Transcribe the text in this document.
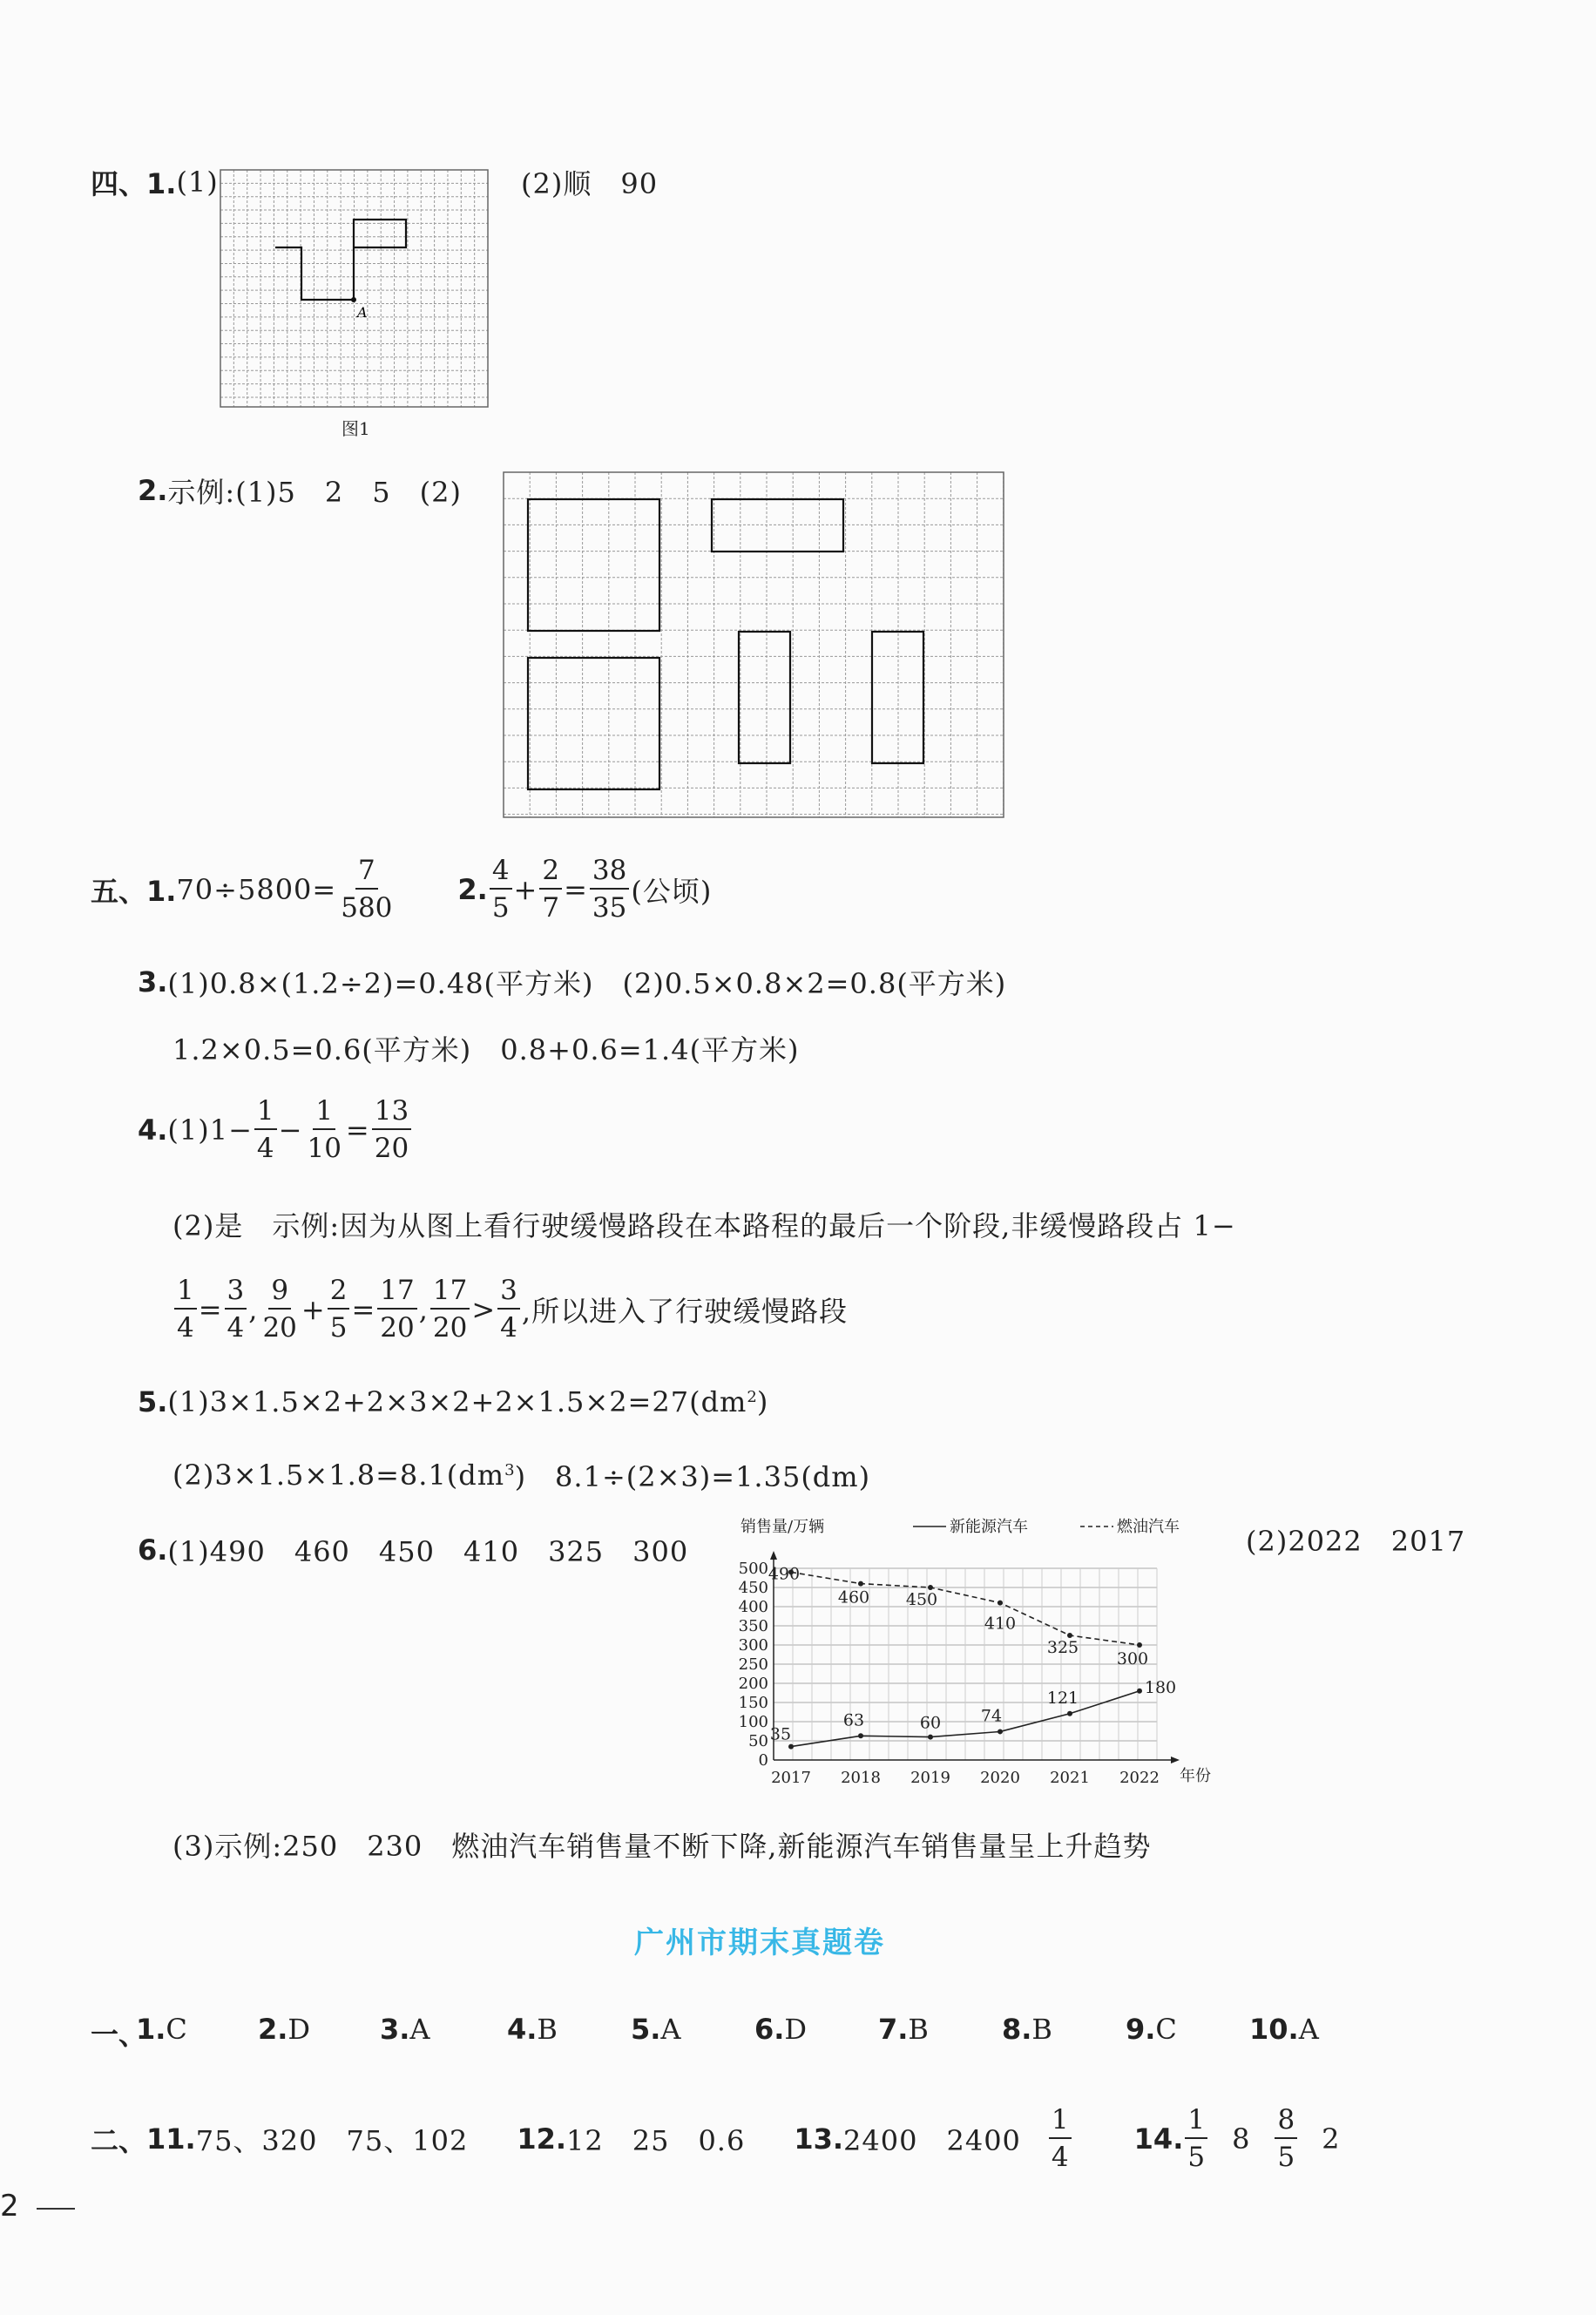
四、1. (1)
A
图1
(2)顺　90
2. 示例:(1)5　2　5　(2)
五、1. $70\div 5800= \frac{7}{580} 2$. $\frac{4}{5} + \frac{2}{7} = \frac{38}{35}$ (公顷)
3. (1)0.8×(1.2÷2)=0.48(平方米)　(2)0.5×0.8×2=0.8(平方米)
1.2×0.5=0.6(平方米)　0.8+0.6=1.4(平方米)
4. $(1)1- \frac{1}{4} - \frac{1}{10} = \frac{13}{20}$
(2)是　示例:因为从图上看行驶缓慢路段在本路程的最后一个阶段,非缓慢路段占 1−
$\frac{1}{4} = \frac{3}{4}$ , $\frac{9}{20} + \frac{2}{5} = \frac{17}{20}$ , $\frac{17}{20} > \frac{3}{4}$ ,所以进入了行驶缓慢路段
5. $(1)3\times 1.5\times 2+2\times 3\times 2+2\times 1.5\times 2=27(dm^2$ )
$(2)3\times 1.5\times 1.8=8.1(dm^3$ )　8.1÷(2×3)=1.35(dm)
6. (1)490　460　450　410　325　300	(2)2022　2017
0
50
100
150
200
250
300
350
400
450
500
2017 2018 2019 2020 2021 2022
销售量/万辆
年份
新能源汽车	燃油汽车
35
63	60 74
121
180
490
460 450
410
325
300
(3)示例:250　230　燃油汽车销售量不断下降,新能源汽车销售量呈上升趋势
广州市期末真题卷
一、
1. C	2. D 3. A	4. B	5. A	6. D	7. B	8. B	9. C	10. A
二、 11. 75、320　75、102 12. 12　25　0.6 13. 2400　$2400 \frac{1}{4} 14$. $\frac{1}{5} 8 \frac{8}{5} 2$
2
